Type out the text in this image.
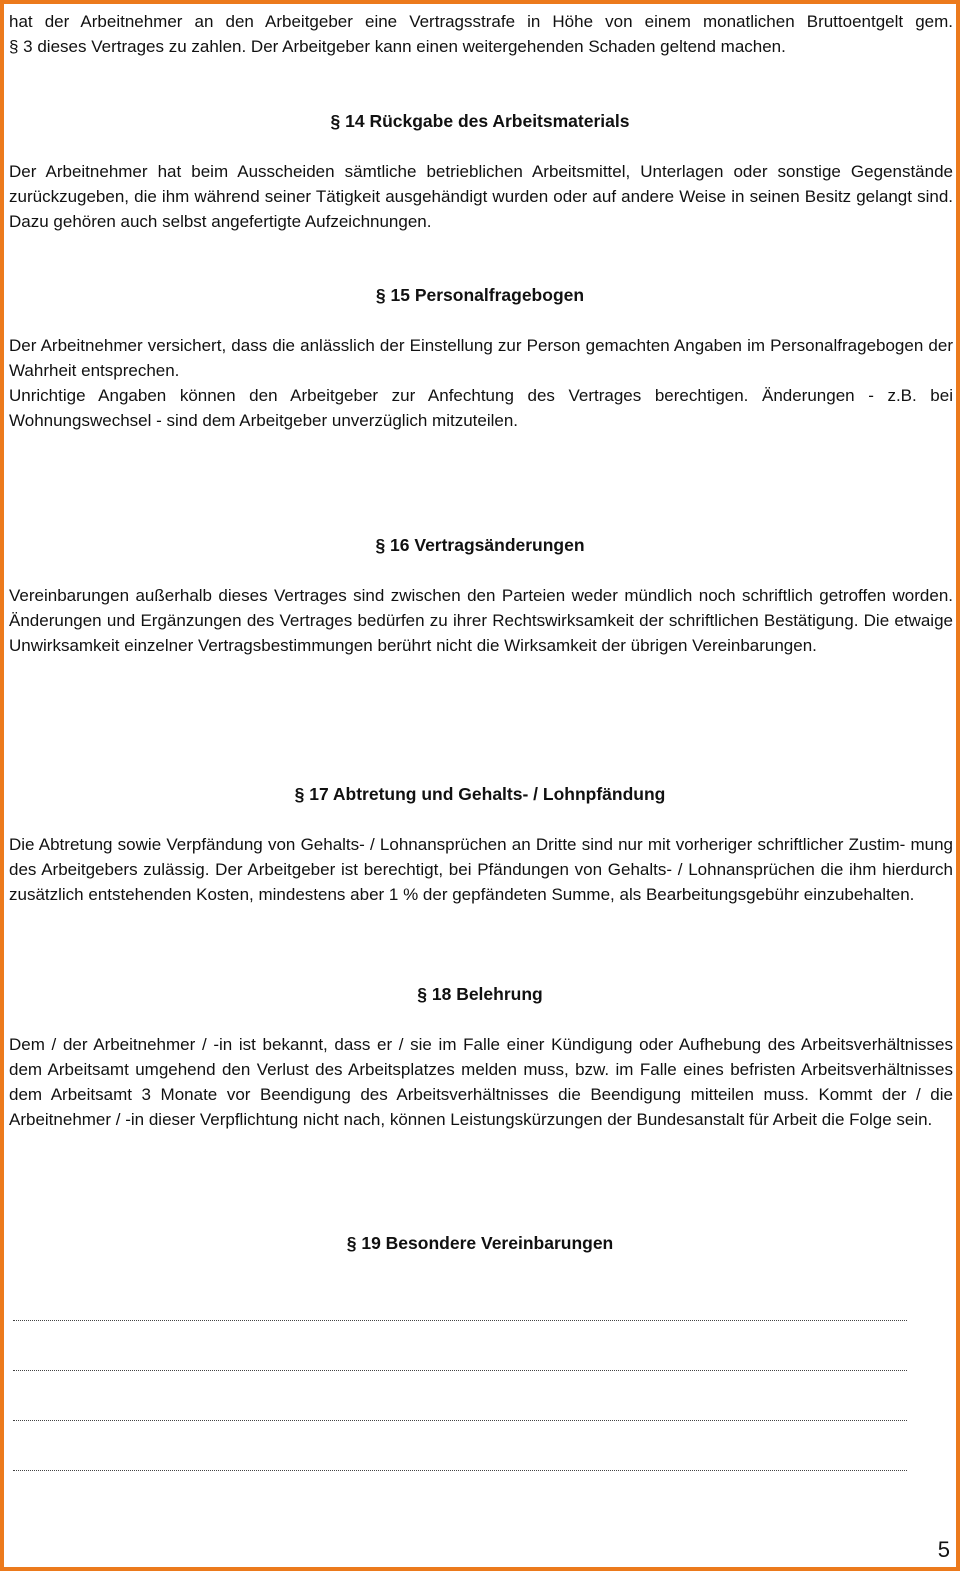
hat der Arbeitnehmer an den Arbeitgeber eine Vertragsstrafe in Höhe von einem monatlichen Bruttoentgelt gem.

§ 3 dieses Vertrages zu zahlen. Der Arbeitgeber kann einen weitergehenden Schaden geltend machen.

§ 14 Rückgabe des Arbeitsmaterials

Der Arbeitnehmer hat beim Ausscheiden sämtliche betrieblichen Arbeitsmittel, Unterlagen oder sonstige Gegenstände zurückzugeben, die ihm während seiner Tätigkeit ausgehändigt wurden oder auf andere Weise in seinen Besitz gelangt sind. Dazu gehören auch selbst angefertigte Aufzeichnungen.

§ 15 Personalfragebogen

Der Arbeitnehmer versichert, dass die anlässlich der Einstellung zur Person gemachten Angaben im Personalfragebogen der Wahrheit entsprechen.

Unrichtige Angaben können den Arbeitgeber zur Anfechtung des Vertrages berechtigen. Änderungen - z.B. bei Wohnungswechsel - sind dem Arbeitgeber unverzüglich mitzuteilen.

§ 16 Vertragsänderungen

Vereinbarungen außerhalb dieses Vertrages sind zwischen den Parteien weder mündlich noch schriftlich getroffen worden. Änderungen und Ergänzungen des Vertrages bedürfen zu ihrer Rechtswirksamkeit der schriftlichen Bestätigung. Die etwaige Unwirksamkeit einzelner Vertragsbestimmungen berührt nicht die Wirksamkeit der übrigen Vereinbarungen.

§ 17 Abtretung und Gehalts- / Lohnpfändung

Die Abtretung sowie Verpfändung von Gehalts- / Lohnansprüchen an Dritte sind nur mit vorheriger schriftlicher Zustim- mung des Arbeitgebers zulässig. Der Arbeitgeber ist berechtigt, bei Pfändungen von Gehalts- / Lohnansprüchen die ihm hierdurch zusätzlich entstehenden Kosten, mindestens aber 1 % der gepfändeten Summe, als Bearbeitungsgebühr einzubehalten.

§ 18 Belehrung

Dem / der Arbeitnehmer / -in ist bekannt, dass er / sie im Falle einer Kündigung oder Aufhebung des Arbeitsverhältnisses dem Arbeitsamt umgehend den Verlust des Arbeitsplatzes melden muss, bzw. im Falle eines befristen Arbeitsverhältnisses dem Arbeitsamt 3 Monate vor Beendigung des Arbeitsverhältnisses die Beendigung mitteilen muss. Kommt der / die Arbeitnehmer / -in dieser Verpflichtung nicht nach, können Leistungskürzungen der Bundesanstalt für Arbeit die Folge sein.

§ 19 Besondere Vereinbarungen
5
